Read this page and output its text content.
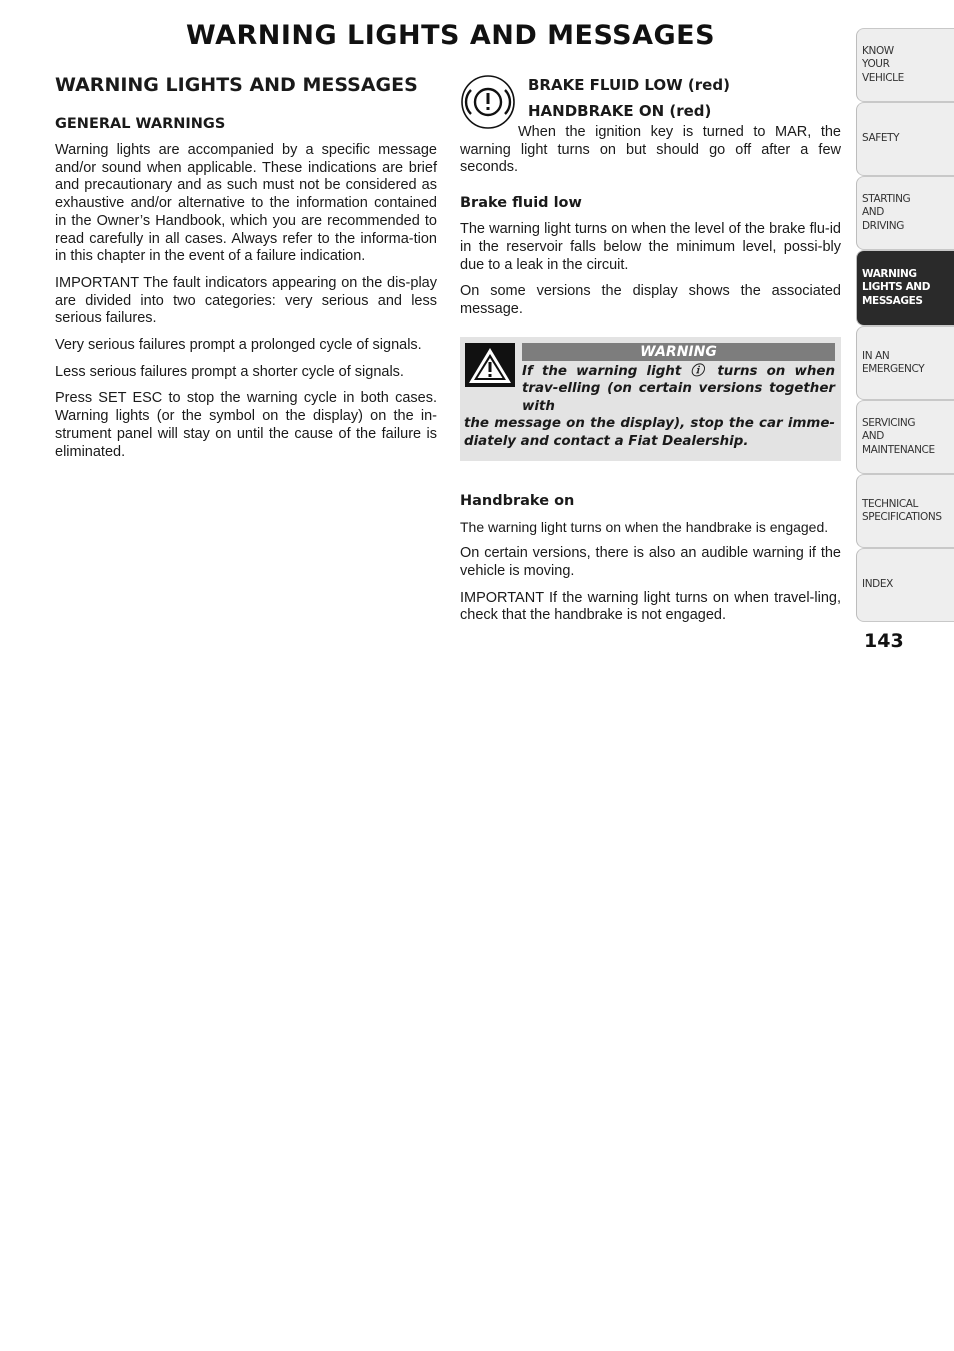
WARNING LIGHTS AND MESSAGES
WARNING LIGHTS AND MESSAGES
GENERAL WARNINGS

Warning lights are accompanied by a specific message and/or sound when applicable. These indications are brief and precautionary and as such must not be considered as exhaustive and/or alternative to the information contained in the Owner’s Handbook, which you are recommended to read carefully in all cases. Always refer to the informa-tion in this chapter in the event of a failure indication.

IMPORTANT The fault indicators appearing on the dis-play are divided into two categories: very serious and less serious failures.

Very serious failures prompt a prolonged cycle of signals.

Less serious failures prompt a shorter cycle of signals.

Press SET ESC to stop the warning cycle in both cases. Warning lights (or the symbol on the display) on the in-strument panel will stay on until the cause of the failure is eliminated.

BRAKE FLUID LOW (red)
HANDBRAKE ON (red)

When the ignition key is turned to MAR, the warning light turns on but should go off after a few seconds.

Brake fluid low

The warning light turns on when the level of the brake flu-id in the reservoir falls below the minimum level, possi-bly due to a leak in the circuit.

On some versions the display shows the associated message.

WARNING

If the warning light ⓘ turns on when trav-elling (on certain versions together with
the message on the display), stop the car imme-diately and contact a Fiat Dealership.

Handbrake on

The warning light turns on when the handbrake is engaged.

On certain versions, there is also an audible warning if the vehicle is moving.

IMPORTANT If the warning light turns on when travel-ling, check that the handbrake is not engaged.

KNOW
YOUR
VEHICLE
SAFETY
STARTING
AND
DRIVING
WARNING
LIGHTS AND
MESSAGES
IN AN
EMERGENCY
SERVICING
AND
MAINTENANCE
TECHNICAL
SPECIFICATIONS
INDEX
143
